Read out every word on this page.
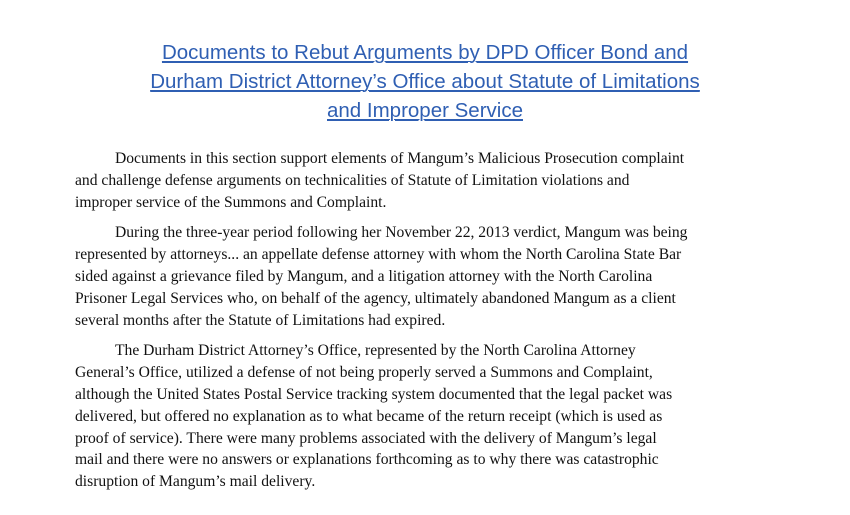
Documents to Rebut Arguments by DPD Officer Bond and
Durham District Attorney’s Office about Statute of Limitations
and Improper Service

Documents in this section support elements of Mangum’s Malicious Prosecution complaint
and challenge defense arguments on technicalities of Statute of Limitation violations and
improper service of the Summons and Complaint.

During the three-year period following her November 22, 2013 verdict, Mangum was being
represented by attorneys... an appellate defense attorney with whom the North Carolina State Bar
sided against a grievance filed by Mangum, and a litigation attorney with the North Carolina
Prisoner Legal Services who, on behalf of the agency, ultimately abandoned Mangum as a client
several months after the Statute of Limitations had expired.

The Durham District Attorney’s Office, represented by the North Carolina Attorney
General’s Office, utilized a defense of not being properly served a Summons and Complaint,
although the United States Postal Service tracking system documented that the legal packet was
delivered, but offered no explanation as to what became of the return receipt (which is used as
proof of service). There were many problems associated with the delivery of Mangum’s legal
mail and there were no answers or explanations forthcoming as to why there was catastrophic
disruption of Mangum’s mail delivery.
